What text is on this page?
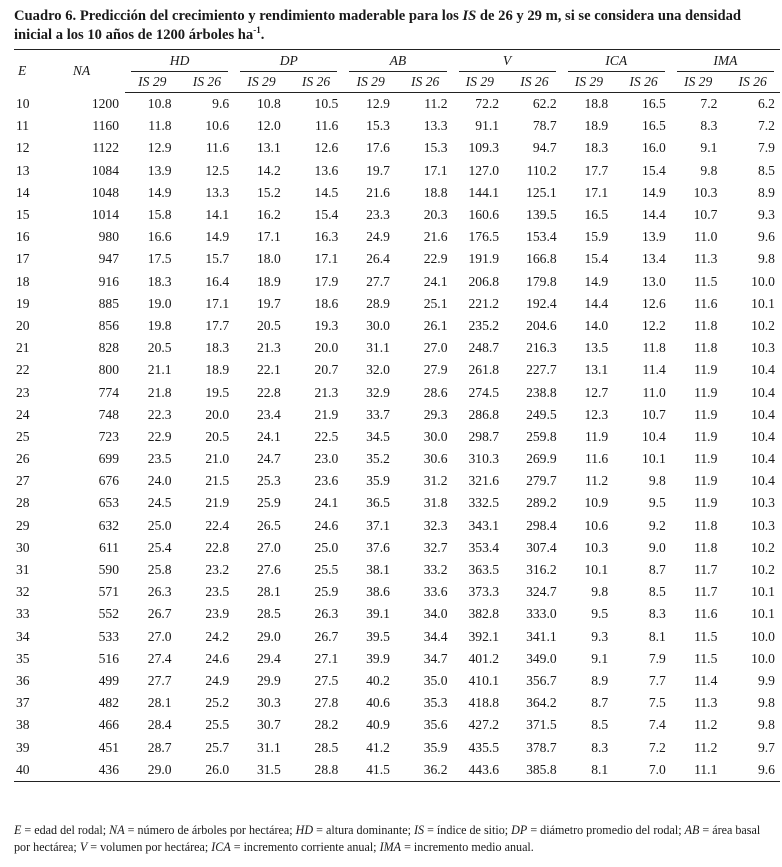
Cuadro 6. Predicción del crecimiento y rendimiento maderable para los IS de 26 y 29 m, si se considera una densidad inicial a los 10 años de 1200 árboles $ha^{-1}$.
E	NA	HD		DP		AB		V		ICA		IMA	

		IS 29	IS 26	IS 29	IS 26	IS 29	IS 26	IS 29	IS 26	IS 29	IS 26	IS 29	IS 26
10	1200	10.8	9.6	10.8	10.5	12.9	11.2	72.2	62.2	18.8	16.5	7.2	6.2
11	1160	11.8	10.6	12.0	11.6	15.3	13.3	91.1	78.7	18.9	16.5	8.3	7.2
12	1122	12.9	11.6	13.1	12.6	17.6	15.3	109.3	94.7	18.3	16.0	9.1	7.9
13	1084	13.9	12.5	14.2	13.6	19.7	17.1	127.0	110.2	17.7	15.4	9.8	8.5
14	1048	14.9	13.3	15.2	14.5	21.6	18.8	144.1	125.1	17.1	14.9	10.3	8.9
15	1014	15.8	14.1	16.2	15.4	23.3	20.3	160.6	139.5	16.5	14.4	10.7	9.3
16	980	16.6	14.9	17.1	16.3	24.9	21.6	176.5	153.4	15.9	13.9	11.0	9.6
17	947	17.5	15.7	18.0	17.1	26.4	22.9	191.9	166.8	15.4	13.4	11.3	9.8
18	916	18.3	16.4	18.9	17.9	27.7	24.1	206.8	179.8	14.9	13.0	11.5	10.0
19	885	19.0	17.1	19.7	18.6	28.9	25.1	221.2	192.4	14.4	12.6	11.6	10.1
20	856	19.8	17.7	20.5	19.3	30.0	26.1	235.2	204.6	14.0	12.2	11.8	10.2
21	828	20.5	18.3	21.3	20.0	31.1	27.0	248.7	216.3	13.5	11.8	11.8	10.3
22	800	21.1	18.9	22.1	20.7	32.0	27.9	261.8	227.7	13.1	11.4	11.9	10.4
23	774	21.8	19.5	22.8	21.3	32.9	28.6	274.5	238.8	12.7	11.0	11.9	10.4
24	748	22.3	20.0	23.4	21.9	33.7	29.3	286.8	249.5	12.3	10.7	11.9	10.4
25	723	22.9	20.5	24.1	22.5	34.5	30.0	298.7	259.8	11.9	10.4	11.9	10.4
26	699	23.5	21.0	24.7	23.0	35.2	30.6	310.3	269.9	11.6	10.1	11.9	10.4
27	676	24.0	21.5	25.3	23.6	35.9	31.2	321.6	279.7	11.2	9.8	11.9	10.4
28	653	24.5	21.9	25.9	24.1	36.5	31.8	332.5	289.2	10.9	9.5	11.9	10.3
29	632	25.0	22.4	26.5	24.6	37.1	32.3	343.1	298.4	10.6	9.2	11.8	10.3
30	611	25.4	22.8	27.0	25.0	37.6	32.7	353.4	307.4	10.3	9.0	11.8	10.2
31	590	25.8	23.2	27.6	25.5	38.1	33.2	363.5	316.2	10.1	8.7	11.7	10.2
32	571	26.3	23.5	28.1	25.9	38.6	33.6	373.3	324.7	9.8	8.5	11.7	10.1
33	552	26.7	23.9	28.5	26.3	39.1	34.0	382.8	333.0	9.5	8.3	11.6	10.1
34	533	27.0	24.2	29.0	26.7	39.5	34.4	392.1	341.1	9.3	8.1	11.5	10.0
35	516	27.4	24.6	29.4	27.1	39.9	34.7	401.2	349.0	9.1	7.9	11.5	10.0
36	499	27.7	24.9	29.9	27.5	40.2	35.0	410.1	356.7	8.9	7.7	11.4	9.9
37	482	28.1	25.2	30.3	27.8	40.6	35.3	418.8	364.2	8.7	7.5	11.3	9.8
38	466	28.4	25.5	30.7	28.2	40.9	35.6	427.2	371.5	8.5	7.4	11.2	9.8
39	451	28.7	25.7	31.1	28.5	41.2	35.9	435.5	378.7	8.3	7.2	11.2	9.7
40	436	29.0	26.0	31.5	28.8	41.5	36.2	443.6	385.8	8.1	7.0	11.1	9.6
E = edad del rodal; NA = número de árboles por hectárea; HD = altura dominante; IS = índice de sitio; DP = diámetro promedio del rodal; AB = área basal por hectárea; V = volumen por hectárea; ICA = incremento corriente anual; IMA = incremento medio anual.
